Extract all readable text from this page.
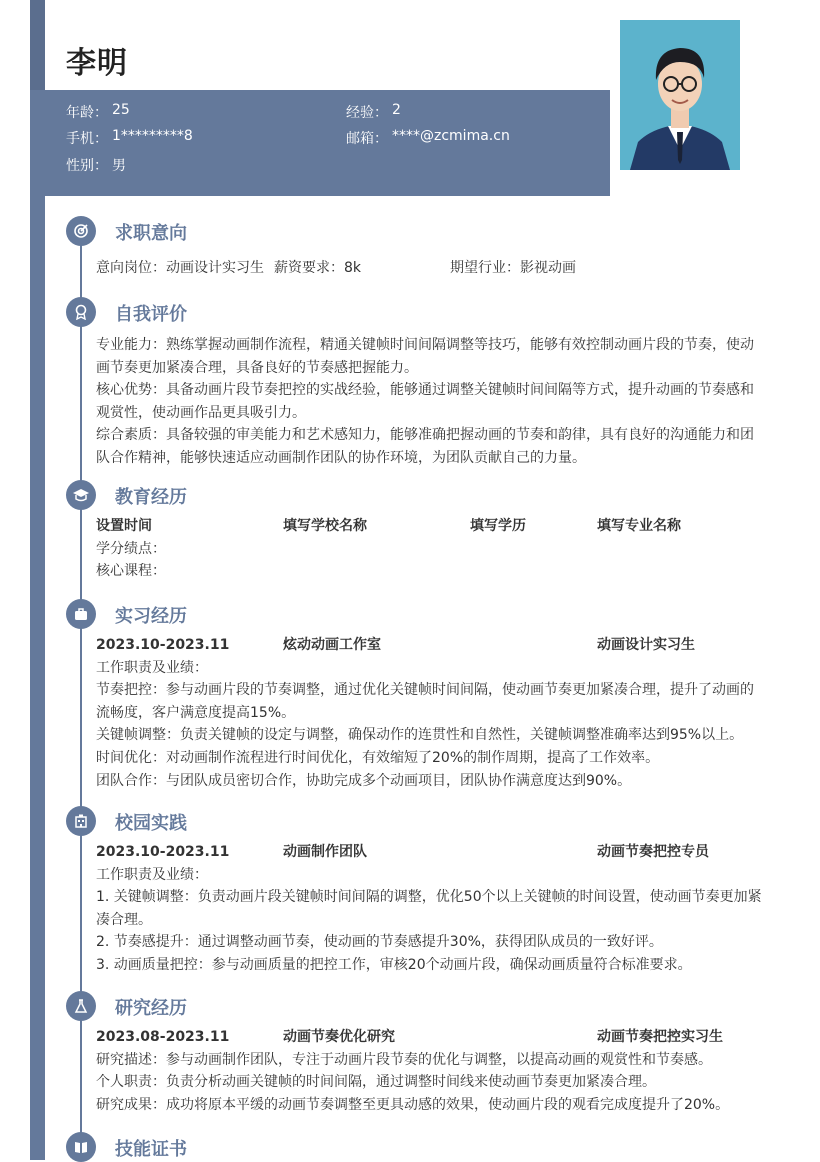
李明
年龄： 25	经验： 2
手机： 1*********8	邮箱： ****@zcmima.cn
性别： 男
求职意向
意向岗位：动画设计实习生 薪资要求：8k	期望行业：影视动画
自我评价

专业能力：熟练掌握动画制作流程，精通关键帧时间间隔调整等技巧，能够有效控制动画片段的节奏，使动画节奏更加紧凑合理，具备良好的节奏感把握能力。

核心优势：具备动画片段节奏把控的实战经验，能够通过调整关键帧时间间隔等方式，提升动画的节奏感和观赏性，使动画作品更具吸引力。

综合素质：具备较强的审美能力和艺术感知力，能够准确把握动画的节奏和韵律，具有良好的沟通能力和团队合作精神，能够快速适应动画制作团队的协作环境，为团队贡献自己的力量。

教育经历
设置时间	填写学校名称	填写学历	填写专业名称

学分绩点：

核心课程：

实习经历
2023.10-2023.11	炫动动画工作室	动画设计实习生

工作职责及业绩：

节奏把控：参与动画片段的节奏调整，通过优化关键帧时间间隔，使动画节奏更加紧凑合理，提升了动画的流畅度，客户满意度提高15%。

关键帧调整：负责关键帧的设定与调整，确保动作的连贯性和自然性，关键帧调整准确率达到95%以上。

时间优化：对动画制作流程进行时间优化，有效缩短了20%的制作周期，提高了工作效率。

团队合作：与团队成员密切合作，协助完成多个动画项目，团队协作满意度达到90%。

校园实践
2023.10-2023.11	动画制作团队	动画节奏把控专员

工作职责及业绩：

1. 关键帧调整：负责动画片段关键帧时间间隔的调整，优化50个以上关键帧的时间设置，使动画节奏更加紧凑合理。

2. 节奏感提升：通过调整动画节奏，使动画的节奏感提升30%，获得团队成员的一致好评。

3. 动画质量把控：参与动画质量的把控工作，审核20个动画片段，确保动画质量符合标准要求。

研究经历
2023.08-2023.11	动画节奏优化研究	动画节奏把控实习生

研究描述：参与动画制作团队，专注于动画片段节奏的优化与调整，以提高动画的观赏性和节奏感。

个人职责：负责分析动画关键帧的时间间隔，通过调整时间线来使动画节奏更加紧凑合理。

研究成果：成功将原本平缓的动画节奏调整至更具动感的效果，使动画片段的观看完成度提升了20%。

技能证书
